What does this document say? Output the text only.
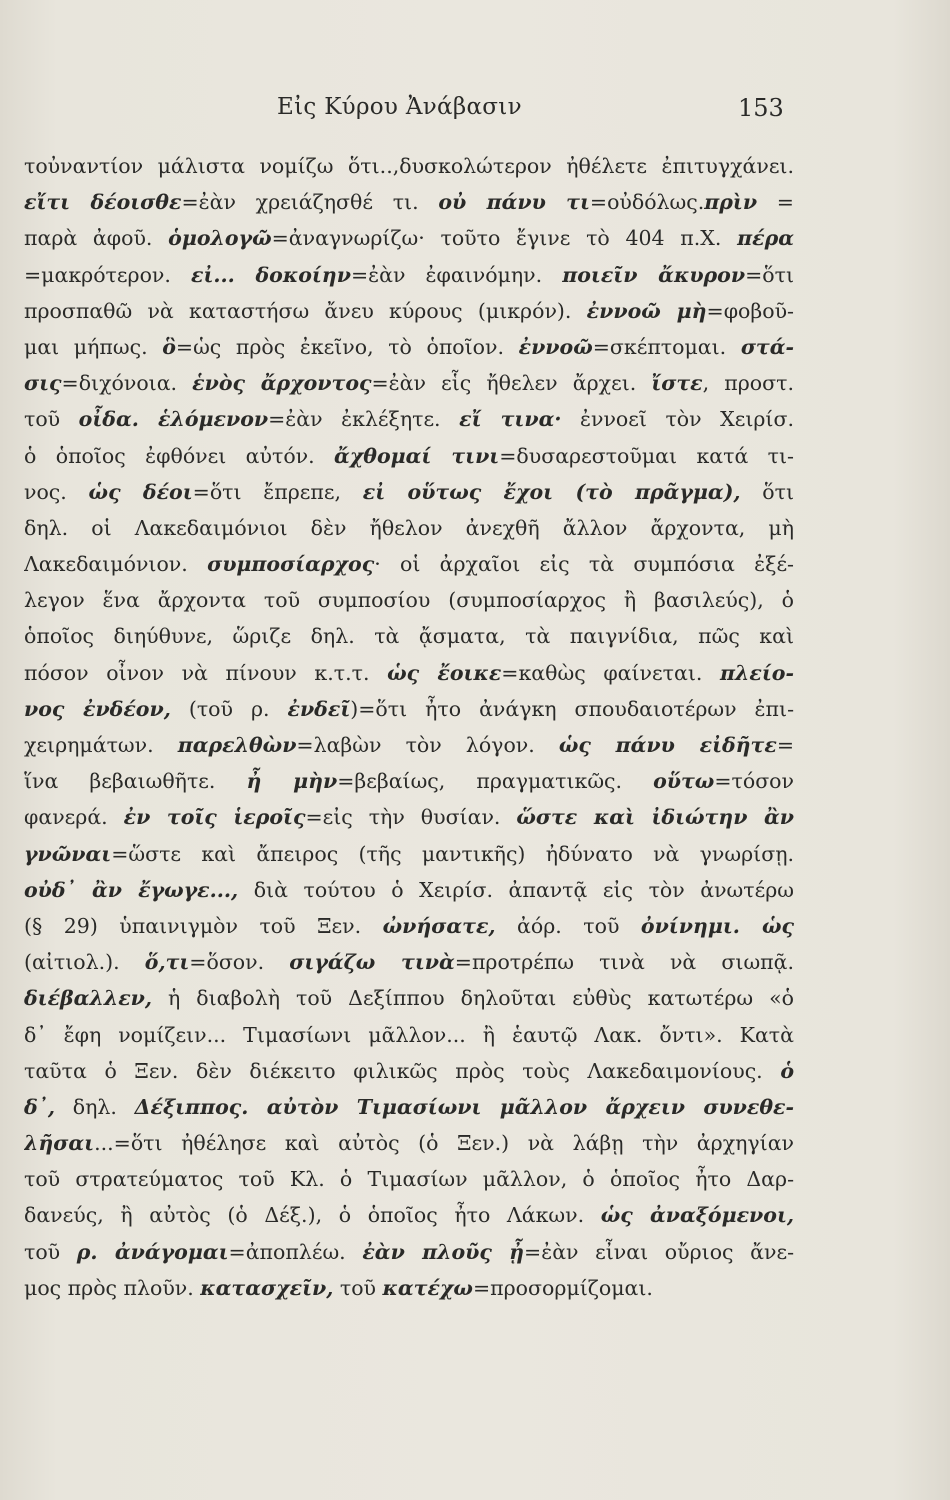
Εἰς Κύρου Ἀνάβασιν	153
τοὐναντίον μάλιστα νομίζω ὅτι..,δυσκολώτερον ἠθέλετε ἐπιτυγχάνει.
εἴτι δέοισθε=ἐὰν χρειάζησθέ τι. οὐ πάνυ τι=οὐδόλως.πρὶν =
παρὰ ἀφοῦ. ὁμολογῶ=ἀναγνωρίζω· τοῦτο ἔγινε τὸ 404 π.Χ. πέρα
=μακρότερον. εἰ... δοκοίην=ἐὰν ἐφαινόμην. ποιεῖν ἄκυρον=ὅτι
προσπαθῶ νὰ καταστήσω ἄνευ κύρους (μικρόν). ἐννοῶ μὴ=φοβοῦ-
μαι μήπως. ὃ=ὡς πρὸς ἐκεῖνο, τὸ ὁποῖον. ἐννοῶ=σκέπτομαι. στά-
σις=διχόνοια. ἑνὸς ἄρχοντος=ἐὰν εἷς ἤθελεν ἄρχει. ἴστε, προστ.
τοῦ οἶδα. ἑλόμενον=ἐὰν ἐκλέξητε. εἴ τινα· ἐννοεῖ τὸν Χειρίσ.
ὁ ὁποῖος ἐφθόνει αὐτόν. ἄχθομαί τινι=δυσαρεστοῦμαι κατά τι-
νος. ὡς δέοι=ὅτι ἔπρεπε, εἰ οὕτως ἔχοι (τὸ πρᾶγμα), ὅτι
δηλ. οἱ Λακεδαιμόνιοι δὲν ἤθελον ἀνεχθῆ ἄλλον ἄρχοντα, μὴ
Λακεδαιμόνιον. συμποσίαρχος· οἱ ἀρχαῖοι εἰς τὰ συμπόσια ἐξέ-
λεγον ἕνα ἄρχοντα τοῦ συμποσίου (συμποσίαρχος ἢ βασιλεύς), ὁ
ὁποῖος διηύθυνε, ὥριζε δηλ. τὰ ᾄσματα, τὰ παιγνίδια, πῶς καὶ
πόσον οἶνον νὰ πίνουν κ.τ.τ. ὡς ἔοικε=καθὼς φαίνεται. πλείο-
νος ἐνδέον, (τοῦ ρ. ἐνδεῖ)=ὅτι ἦτο ἀνάγκη σπουδαιοτέρων ἐπι-
χειρημάτων. παρελθὼν=λαβὼν τὸν λόγον. ὡς πάνυ εἰδῆτε=
ἵνα βεβαιωθῆτε. ἦ μὴν=βεβαίως, πραγματικῶς. οὕτω=τόσον
φανερά. ἐν τοῖς ἱεροῖς=εἰς τὴν θυσίαν. ὥστε καὶ ἰδιώτην ἂν
γνῶναι=ὥστε καὶ ἄπειρος (τῆς μαντικῆς) ἠδύνατο νὰ γνωρίσῃ.
οὐδ᾽ ἂν ἔγωγε..., διὰ τούτου ὁ Χειρίσ. ἀπαντᾷ εἰς τὸν ἀνωτέρω
(§ 29) ὑπαινιγμὸν τοῦ Ξεν. ὠνήσατε, ἀόρ. τοῦ ὀνίνημι. ὡς
(αἰτιολ.). ὅ,τι=ὅσον. σιγάζω τινὰ=προτρέπω τινὰ νὰ σιωπᾷ.
διέβαλλεν, ἡ διαβολὴ τοῦ Δεξίππου δηλοῦται εὐθὺς κατωτέρω «ὁ
δ᾽ ἔφη νομίζειν... Τιμασίωνι μᾶλλον... ἢ ἑαυτῷ Λακ. ὄντι». Κατὰ
ταῦτα ὁ Ξεν. δὲν διέκειτο φιλικῶς πρὸς τοὺς Λακεδαιμονίους. ὁ
δ᾽, δηλ. Δέξιππος. αὐτὸν Τιμασίωνι μᾶλλον ἄρχειν συνεθε-
λῆσαι...=ὅτι ἠθέλησε καὶ αὐτὸς (ὁ Ξεν.) νὰ λάβῃ τὴν ἀρχηγίαν
τοῦ στρατεύματος τοῦ Κλ. ὁ Τιμασίων μᾶλλον, ὁ ὁποῖος ἦτο Δαρ-
δανεύς, ἢ αὐτὸς (ὁ Δέξ.), ὁ ὁποῖος ἦτο Λάκων. ὡς ἀναξόμενοι,
τοῦ ρ. ἀνάγομαι=ἀποπλέω. ἐὰν πλοῦς ᾖ=ἐὰν εἶναι οὔριος ἄνε-
μος πρὸς πλοῦν. κατασχεῖν, τοῦ κατέχω=προσορμίζομαι.
